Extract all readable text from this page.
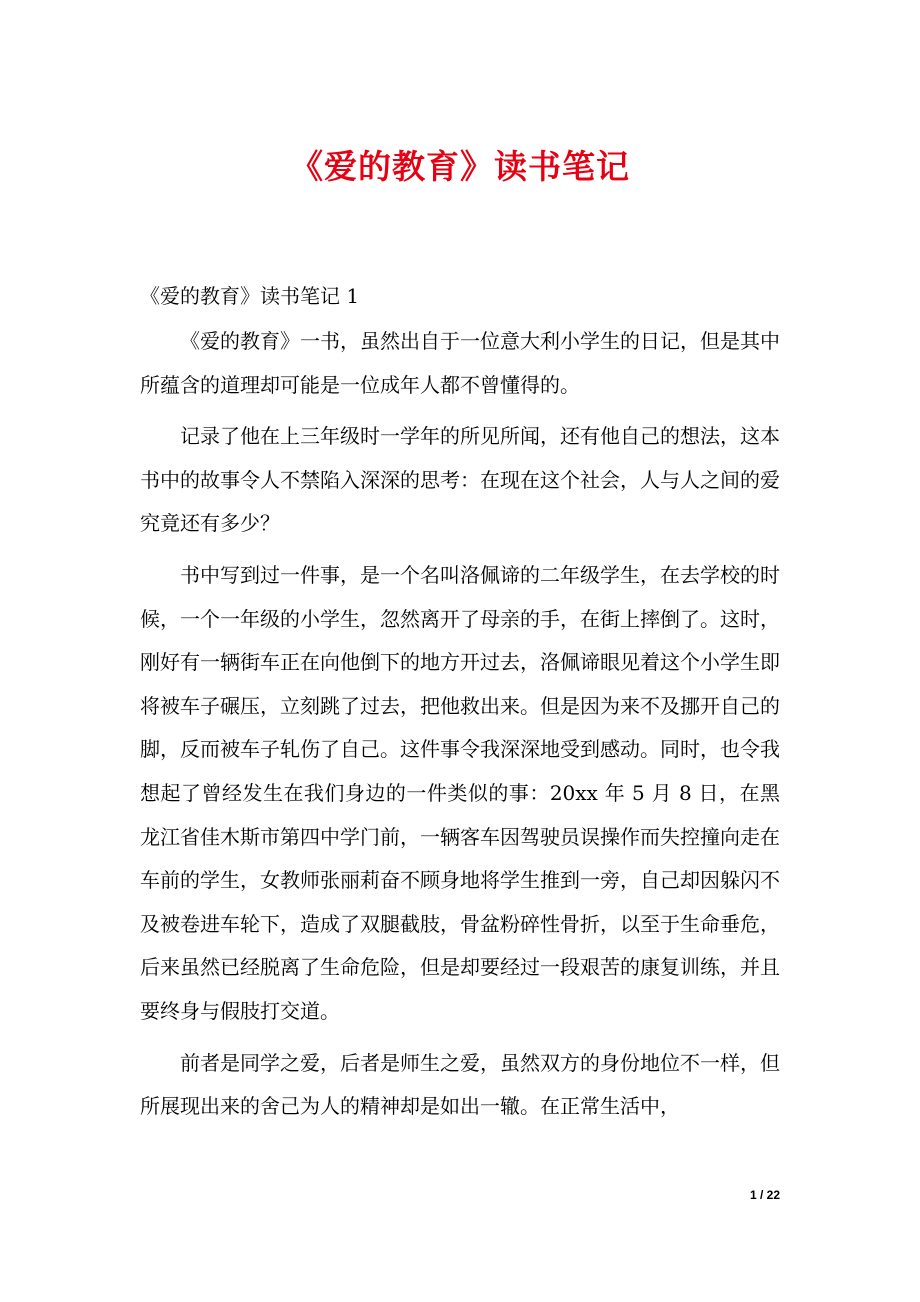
《爱的教育》读书笔记
《爱的教育》读书笔记 1

《爱的教育》一书，虽然出自于一位意大利小学生的日记，但是其中所蕴含的道理却可能是一位成年人都不曾懂得的。

记录了他在上三年级时一学年的所见所闻，还有他自己的想法，这本书中的故事令人不禁陷入深深的思考：在现在这个社会，人与人之间的爱究竟还有多少？

书中写到过一件事，是一个名叫洛佩谛的二年级学生，在去学校的时候，一个一年级的小学生，忽然离开了母亲的手，在街上摔倒了。这时，刚好有一辆街车正在向他倒下的地方开过去，洛佩谛眼见着这个小学生即将被车子碾压，立刻跳了过去，把他救出来。但是因为来不及挪开自己的脚，反而被车子轧伤了自己。这件事令我深深地受到感动。同时，也令我想起了曾经发生在我们身边的一件类似的事：20xx 年 5 月 8 日，在黑龙江省佳木斯市第四中学门前，一辆客车因驾驶员误操作而失控撞向走在车前的学生，女教师张丽莉奋不顾身地将学生推到一旁，自己却因躲闪不及被卷进车轮下，造成了双腿截肢，骨盆粉碎性骨折，以至于生命垂危，后来虽然已经脱离了生命危险，但是却要经过一段艰苦的康复训练，并且要终身与假肢打交道。

前者是同学之爱，后者是师生之爱，虽然双方的身份地位不一样，但所展现出来的舍己为人的精神却是如出一辙。在正常生活中，

1 / 22
